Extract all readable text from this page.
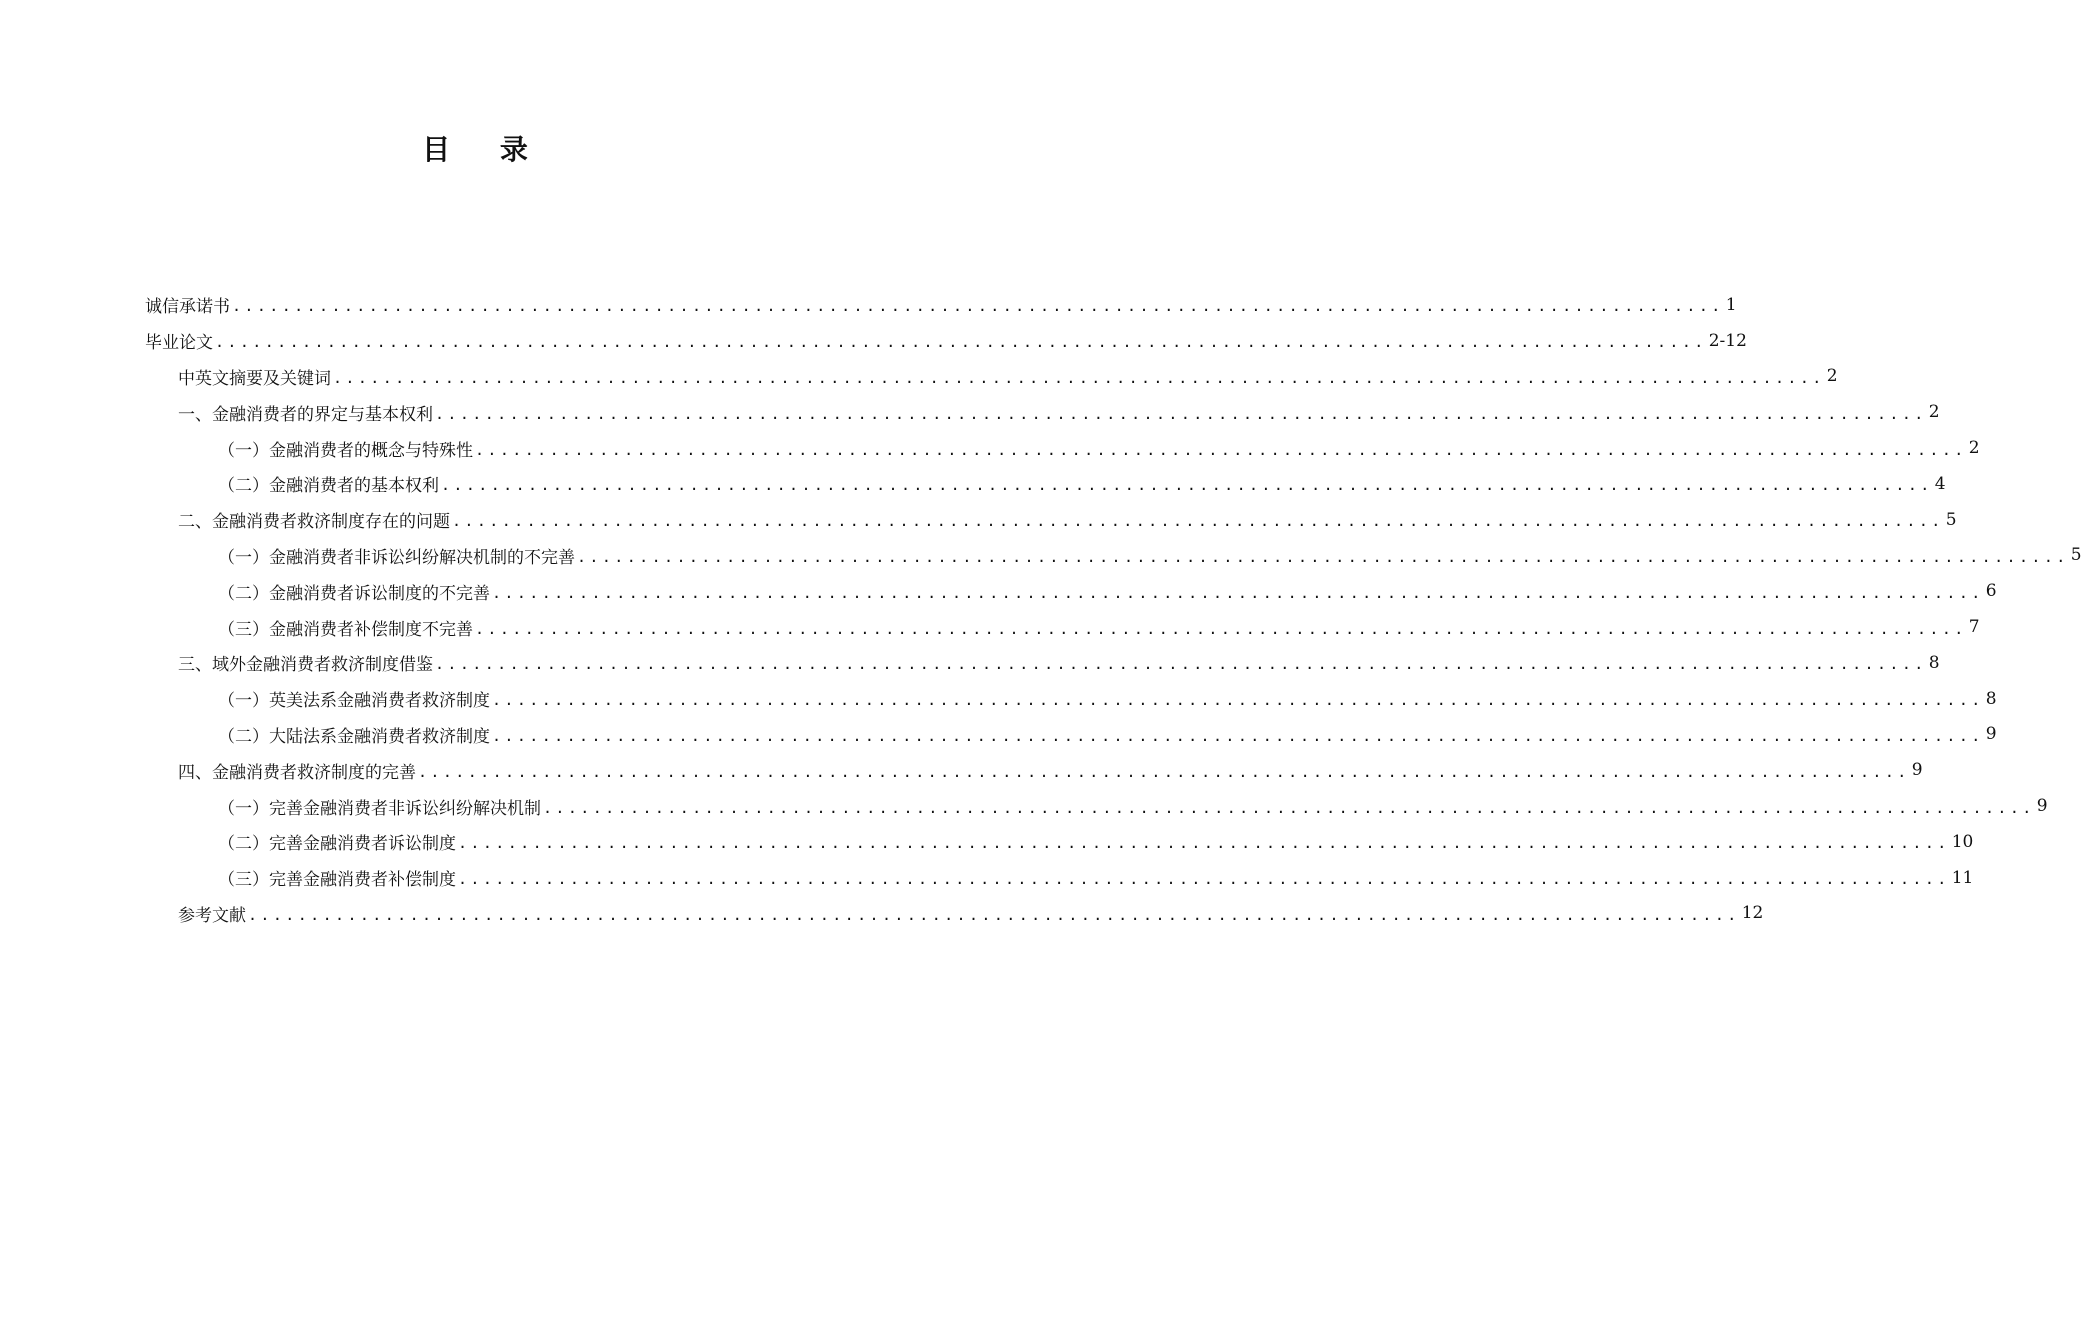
目 录
诚信承诺书 ........................................................................................................................ 1
毕业论文 ........................................................................................................................ 2-12
中英文摘要及关键词 ........................................................................................................................ 2
一、金融消费者的界定与基本权利 ........................................................................................................................ 2
（一）金融消费者的概念与特殊性 ........................................................................................................................ 2
（二）金融消费者的基本权利 ........................................................................................................................ 4
二、金融消费者救济制度存在的问题 ........................................................................................................................ 5
（一）金融消费者非诉讼纠纷解决机制的不完善 ........................................................................................................................ 5
（二）金融消费者诉讼制度的不完善 ........................................................................................................................ 6
（三）金融消费者补偿制度不完善 ........................................................................................................................ 7
三、域外金融消费者救济制度借鉴 ........................................................................................................................ 8
（一）英美法系金融消费者救济制度 ........................................................................................................................ 8
（二）大陆法系金融消费者救济制度 ........................................................................................................................ 9
四、金融消费者救济制度的完善 ........................................................................................................................ 9
（一）完善金融消费者非诉讼纠纷解决机制 ........................................................................................................................ 9
（二）完善金融消费者诉讼制度 ........................................................................................................................ 10
（三）完善金融消费者补偿制度 ........................................................................................................................ 11
参考文献 ........................................................................................................................ 12
